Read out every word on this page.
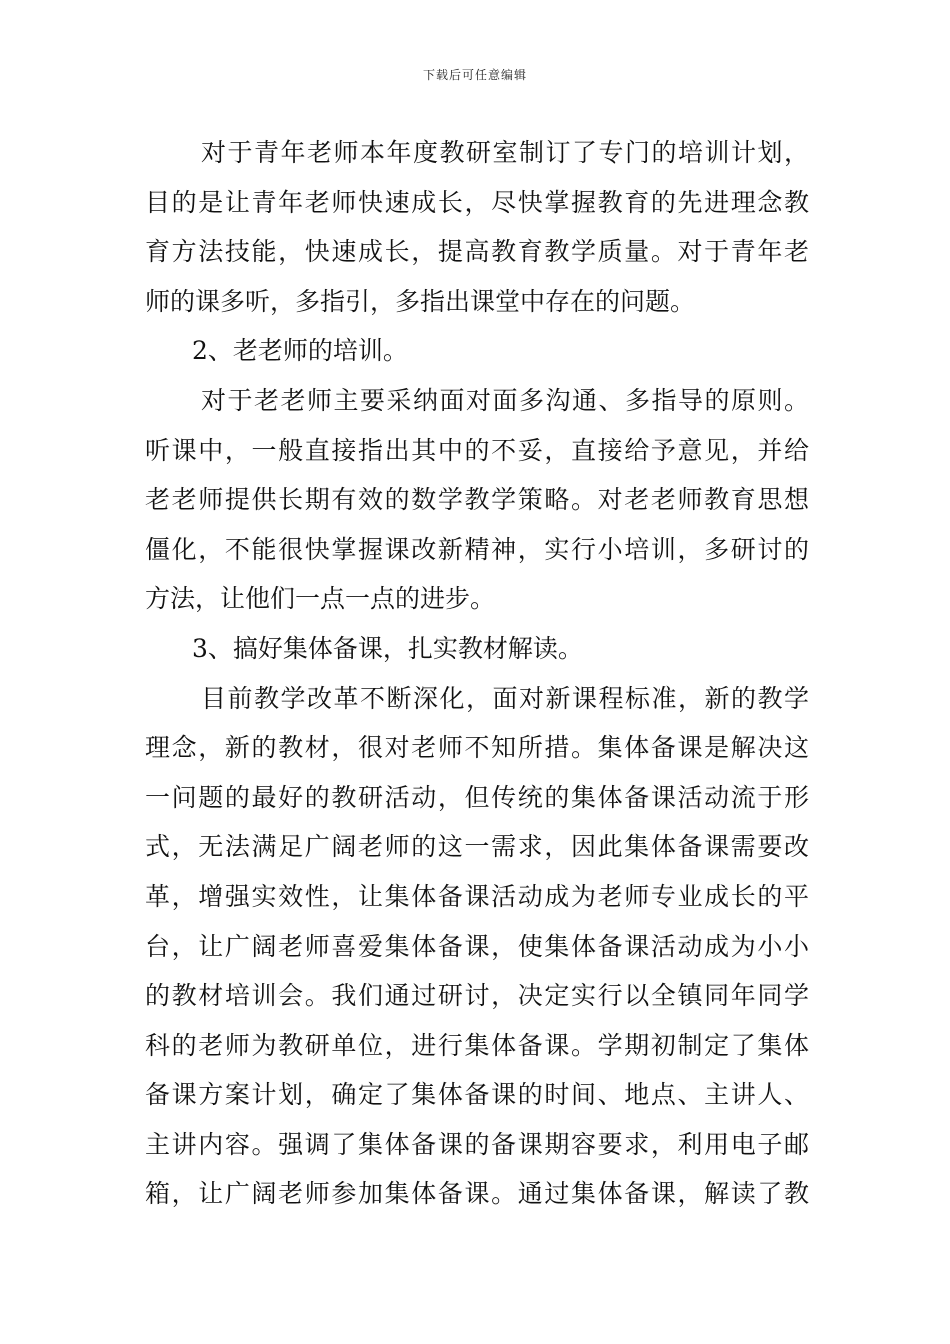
下载后可任意编辑
对于青年老师本年度教研室制订了专门的培训计划，
目的是让青年老师快速成长，尽快掌握教育的先进理念教
育方法技能，快速成长，提高教育教学质量。对于青年老
师的课多听，多指引，多指出课堂中存在的问题。
2、老老师的培训。
对于老老师主要采纳面对面多沟通、多指导的原则。
听课中，一般直接指出其中的不妥，直接给予意见，并给
老老师提供长期有效的数学教学策略。对老老师教育思想
僵化，不能很快掌握课改新精神，实行小培训，多研讨的
方法，让他们一点一点的进步。
3、搞好集体备课，扎实教材解读。
目前教学改革不断深化，面对新课程标准，新的教学
理念，新的教材，很对老师不知所措。集体备课是解决这
一问题的最好的教研活动，但传统的集体备课活动流于形
式，无法满足广阔老师的这一需求，因此集体备课需要改
革，增强实效性，让集体备课活动成为老师专业成长的平
台，让广阔老师喜爱集体备课，使集体备课活动成为小小
的教材培训会。我们通过研讨，决定实行以全镇同年同学
科的老师为教研单位，进行集体备课。学期初制定了集体
备课方案计划，确定了集体备课的时间、地点、主讲人、
主讲内容。强调了集体备课的备课期容要求，利用电子邮
箱，让广阔老师参加集体备课。通过集体备课，解读了教
